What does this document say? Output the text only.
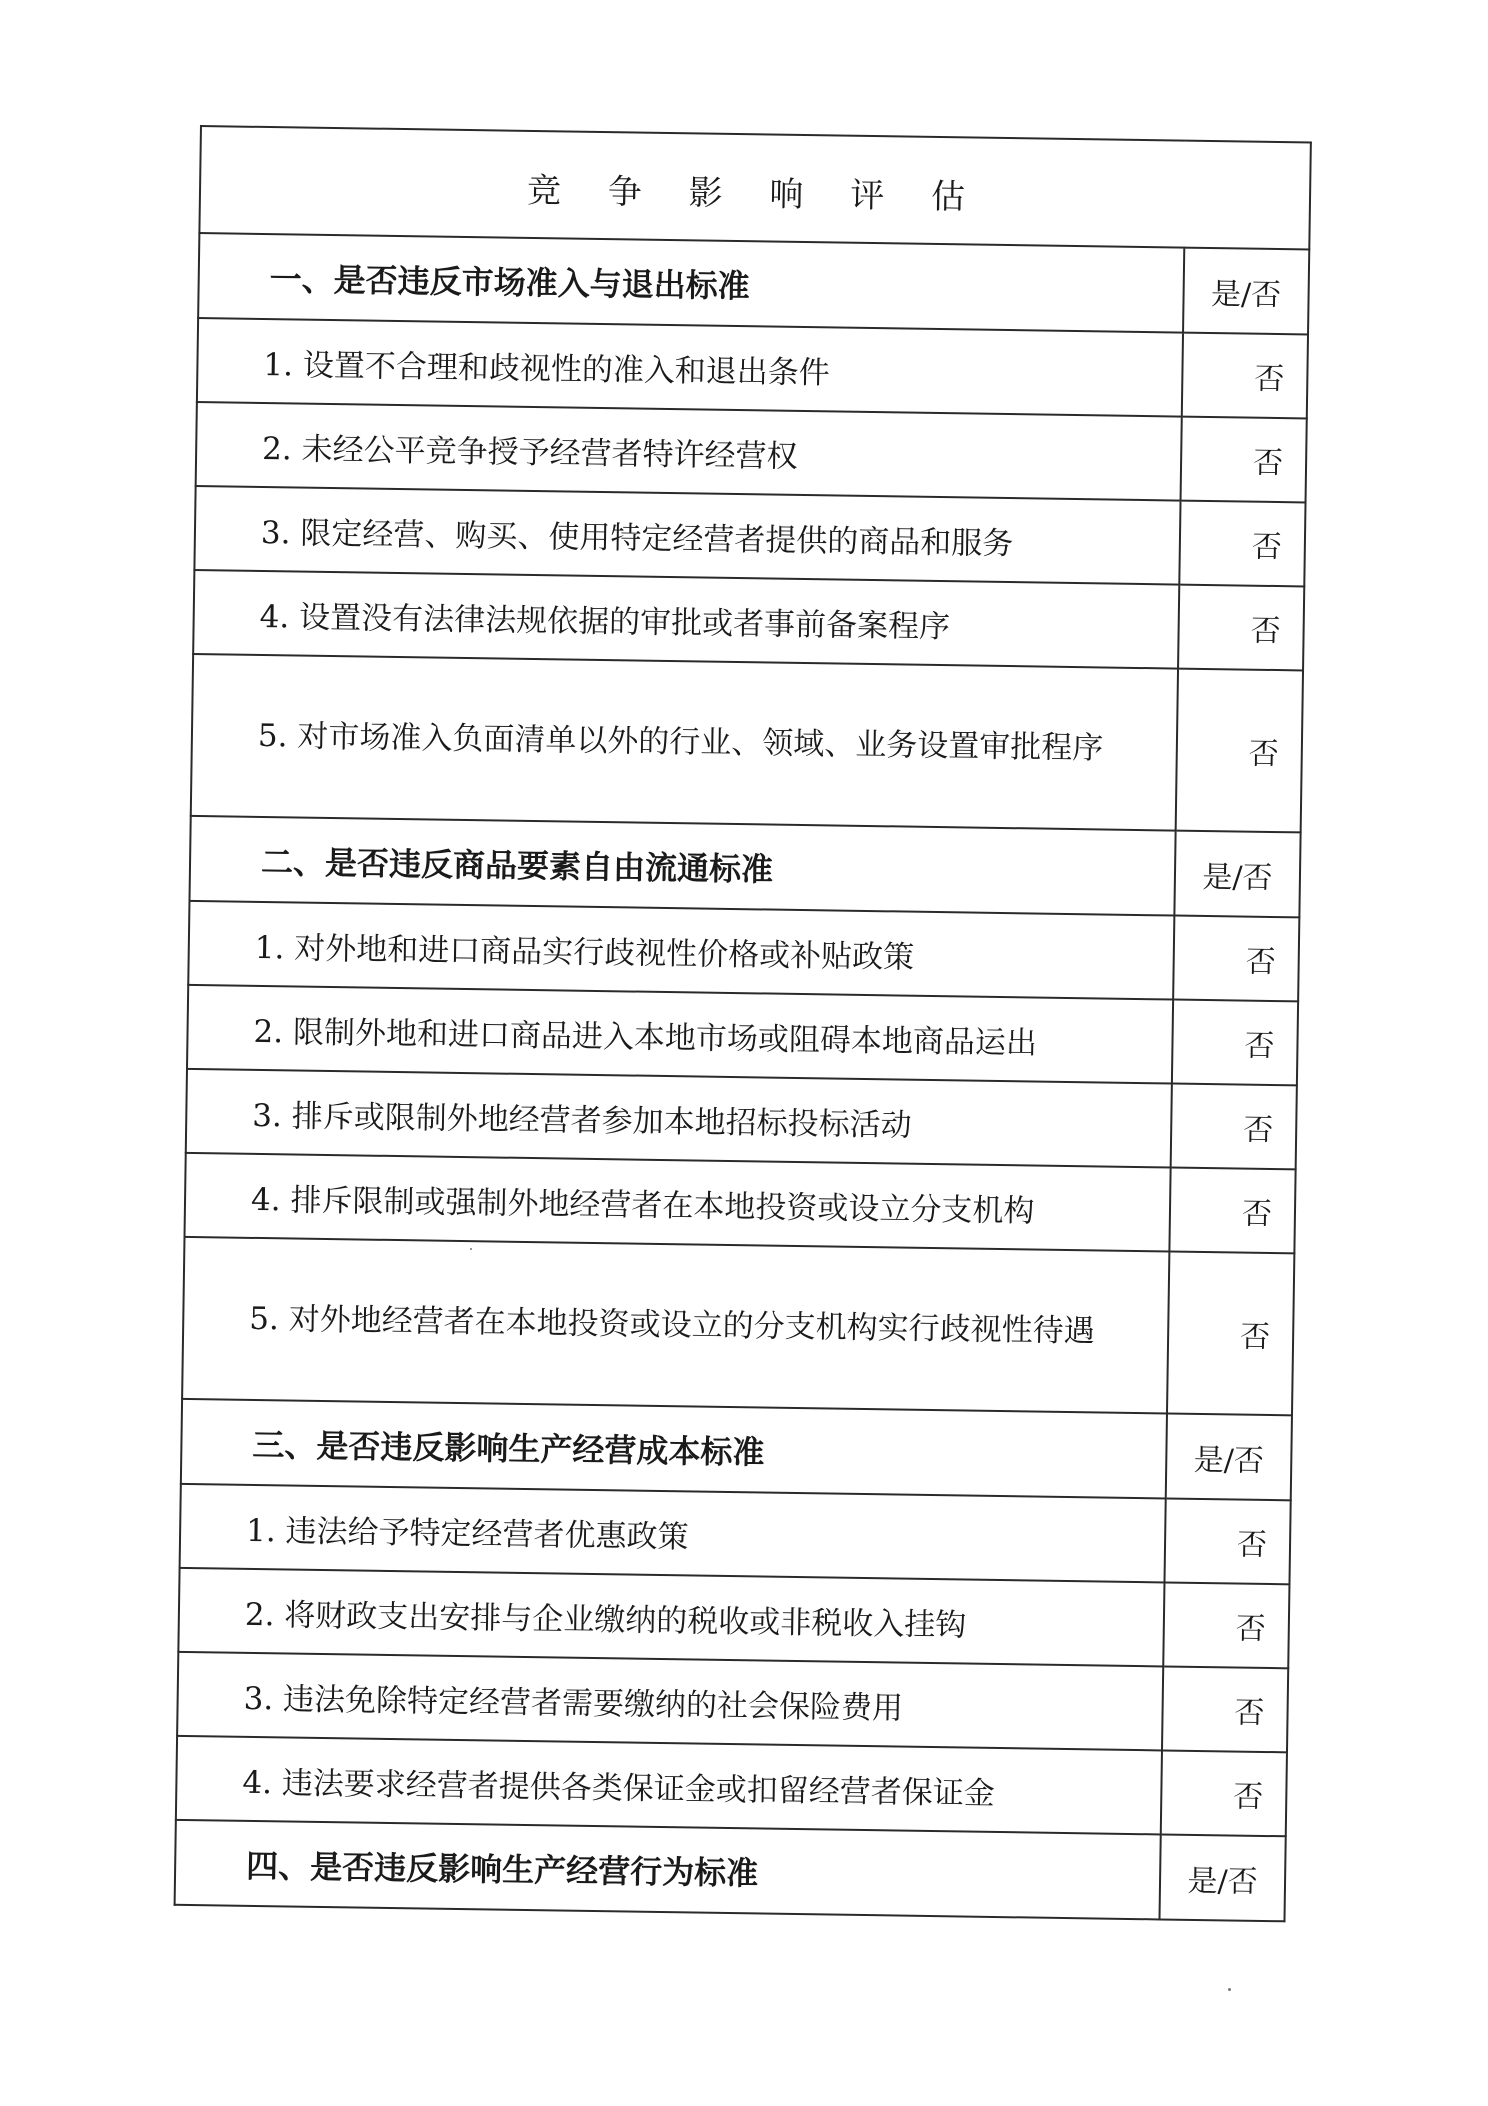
竞 争 影 响 评 估	
一、是否违反市场准入与退出标准	是/否
1. 设置不合理和歧视性的准入和退出条件	否
2. 未经公平竞争授予经营者特许经营权	否
3. 限定经营、购买、使用特定经营者提供的商品和服务	否
4. 设置没有法律法规依据的审批或者事前备案程序	否
5. 对市场准入负面清单以外的行业、领域、业务设置审批程序	否
二、是否违反商品要素自由流通标准	是/否
1. 对外地和进口商品实行歧视性价格或补贴政策	否
2. 限制外地和进口商品进入本地市场或阻碍本地商品运出	否
3. 排斥或限制外地经营者参加本地招标投标活动	否
4. 排斥限制或强制外地经营者在本地投资或设立分支机构	否
5. 对外地经营者在本地投资或设立的分支机构实行歧视性待遇	否
三、是否违反影响生产经营成本标准	是/否
1. 违法给予特定经营者优惠政策	否
2. 将财政支出安排与企业缴纳的税收或非税收入挂钩	否
3. 违法免除特定经营者需要缴纳的社会保险费用	否
4. 违法要求经营者提供各类保证金或扣留经营者保证金	否
四、是否违反影响生产经营行为标准	是/否
